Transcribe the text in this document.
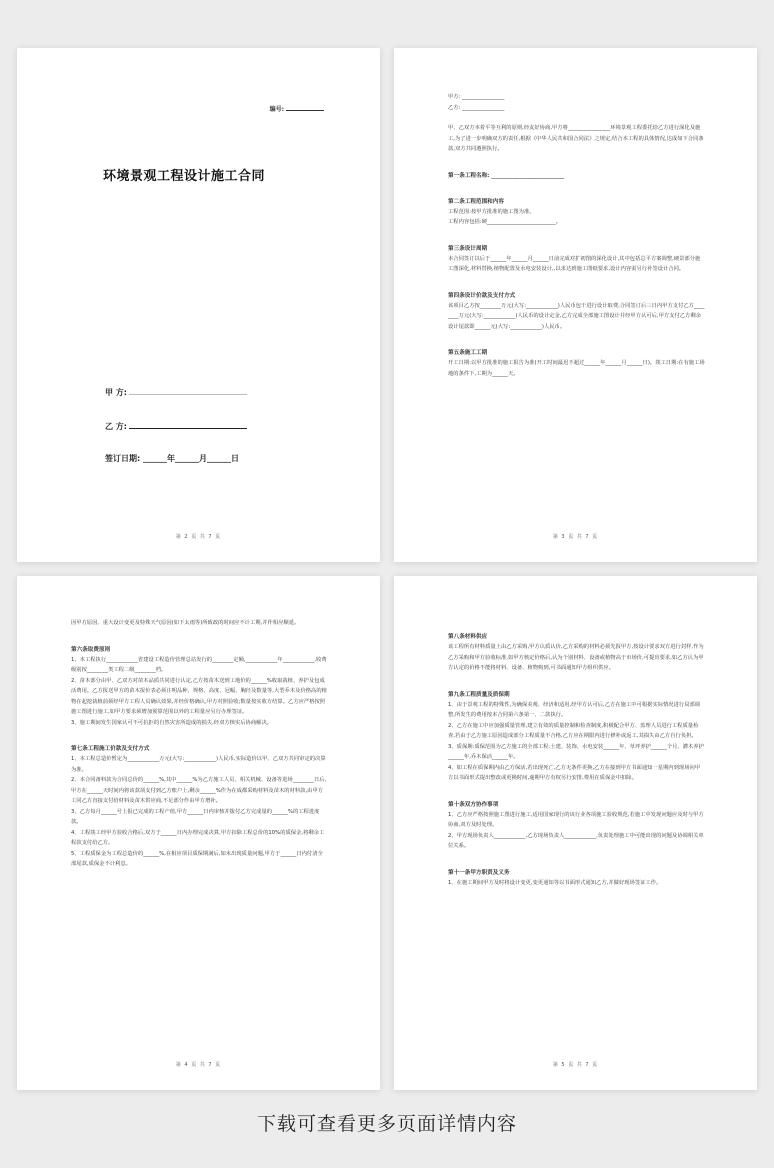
编号:
环境景观工程设计施工合同
甲 方:
乙 方:
签订日期: ______年______月______日
第 2 页 共 7 页
甲方: ________________
乙方: ________________
甲、乙双方本着平等互利的原则,经友好协商,甲方将________________环境景观工程委托给乙方进行深化及施工,为了进一步明确双方的责任,根据《中华人民共和国合同法》之规定,结合本工程的具体情况,达成如下合同条款,双方共同遵照执行。
第一条工程名称: __________________________
第二条工程范围和内容
工程范围:按甲方批准的施工图为准。
工程内容包括:硬__________________________。
第三条设计周期
本合同签订以后于______年______月______日前完成对扩初图的深化设计,其中包括总平方案调整,硬景部分施工图深化,材料替换,植物配置及水电安装设计,,以求达到施工图纸要求,设计内容需另行补签设计合同。
第四条设计价款及支付方式
该项目乙方按________万元(大写:____________)人民币包干进行设计取费,合同签订后三日内甲方支付乙方________万元(大写:____________)人民币的设计定金,乙方完成全部施工图设计并经甲方认可后,甲方支付乙方剩余设计尾款即______元(大写:____________)人民币。
第五条施工工期
开工日期:以甲方批准的施工报告为准(开工时间最迟不超过______年______月______日)。竣工日期:在有施工场地的条件下,工期为______天。
第 3 页 共 7 页
因甲方原因、重大设计变更及特殊天气原因(如下太雨等)所致政的时间应不计工期,并作相应顺延。
第六条取费原则
1、本工程执行____________省建设工程造价管理总站发行的________定额,____________年____________,收费级别按________类工程二级________档。
2、苗木部分由甲、乙双方对苗木品质共同进行认定,乙方按苗木送到工地价的______%收取栽植、养护及包成活费用。乙方报送甲方的苗木报价表必须注明品种、规格、高度、冠幅、胸径及数量等,大型乔木及价格高的植物在起挖栽植前须经甲方工程人员确认效果,并经价格确认,甲方对照验收;数量按实收方结算。乙方应严格按照施工图进行施工,如甲方要求须增加预算范围以外的工程量应另行办理签证。
3、施工期间发生国家认可不可抗拒的自然灾害所造成的损失,经双方核实后协商解决。
第七条工程施工价款及支付方式
1、本工程总造价暂定为____________万元(大写:____________)人民币,实际造价以甲、乙双方共同审定的决算为准。
2、本合同备料款为合同总价的______%,其中______%为乙方施工人员、相关机械、设备等进场________日后,甲方在______天时间内将该款项支付到乙方账户上,剩余______%作为在成都采购材料及苗木的材料款,由甲方工同乙方直接支付给材料及苗木供应商,不足部分作由甲方增补。
3、乙方每月______号上报已完成的工程产值,甲方______日内审核并拨付乙方完成量的______%的工程进度款。
4、工程竣工经甲方验收合格后,双方于______日内办理完成决算,甲方扣除工程总价的10%的质保金,将剩余工程款支付给乙方。
5、工程质保金为工程总造价的______%,在相应项目质保期满后,如未出现质量问题,甲方于______日内付清全部尾款,质保金不计利息。
第 4 页 共 7 页
第八条材料供应
该工程所有材料质量上由乙方采购,甲方认质认价,乙方采购的材料必须先报甲方,按设计要求双方进行封样,作为乙方采购和甲方验收标准,如甲方核定价格后,认为个别材料、设备或植物高于市场价,可提出要求,如乙方认为甲方认定的价格不能将材料、设备、植物购到,可书面通知甲方组织供应。
第九条工程质量及质保期
1、由于景观工程的特殊性,为确保美观、经济和适用,经甲方认可后,乙方在施工中可根据实际情况进行局部调整,所发生的费用按本合同第六条第一、二款执行。
2、乙方在施工中应加强质量管理,建立有效的质量控制和检查制度,积极配合甲方、监理人员进行工程质量检查,若由于乙方施工原因造成部分工程质量不合格,乙方应在期限内进行修补或返工,其损失由乙方自行负担。
3、质保期:质保范围为乙方施工的全部工程:土建、装饰、水电安装______年、草坪养护______个月、灌木养护______年,乔木保活______年。
4、如工程在质保期内由乙方保活,若出现死亡,乙方无条件更换,乙方在接到甲方书面通知一星期内到现场向甲方以书面形式提出整改或更换时间,逾期甲方有权另行安排,费用在质保金中扣除。
第十条双方协作事项
1、乙方应严格按照施工图进行施工,适用国家现行的该行业各项施工验收规范,若施工中发现问题应及时与甲方协商,双方及时处理。
2、甲方现场负责人____________,乙方现场负责人____________,负责处理施工中可能出现的问题及协调相关单位关系。
第十一条甲方职责及义务
1、在施工期间甲方及时将设计变更,变更通知等以书面形式通知乙方,并做好现场签证工作。
第 5 页 共 7 页
下载可查看更多页面详情内容
